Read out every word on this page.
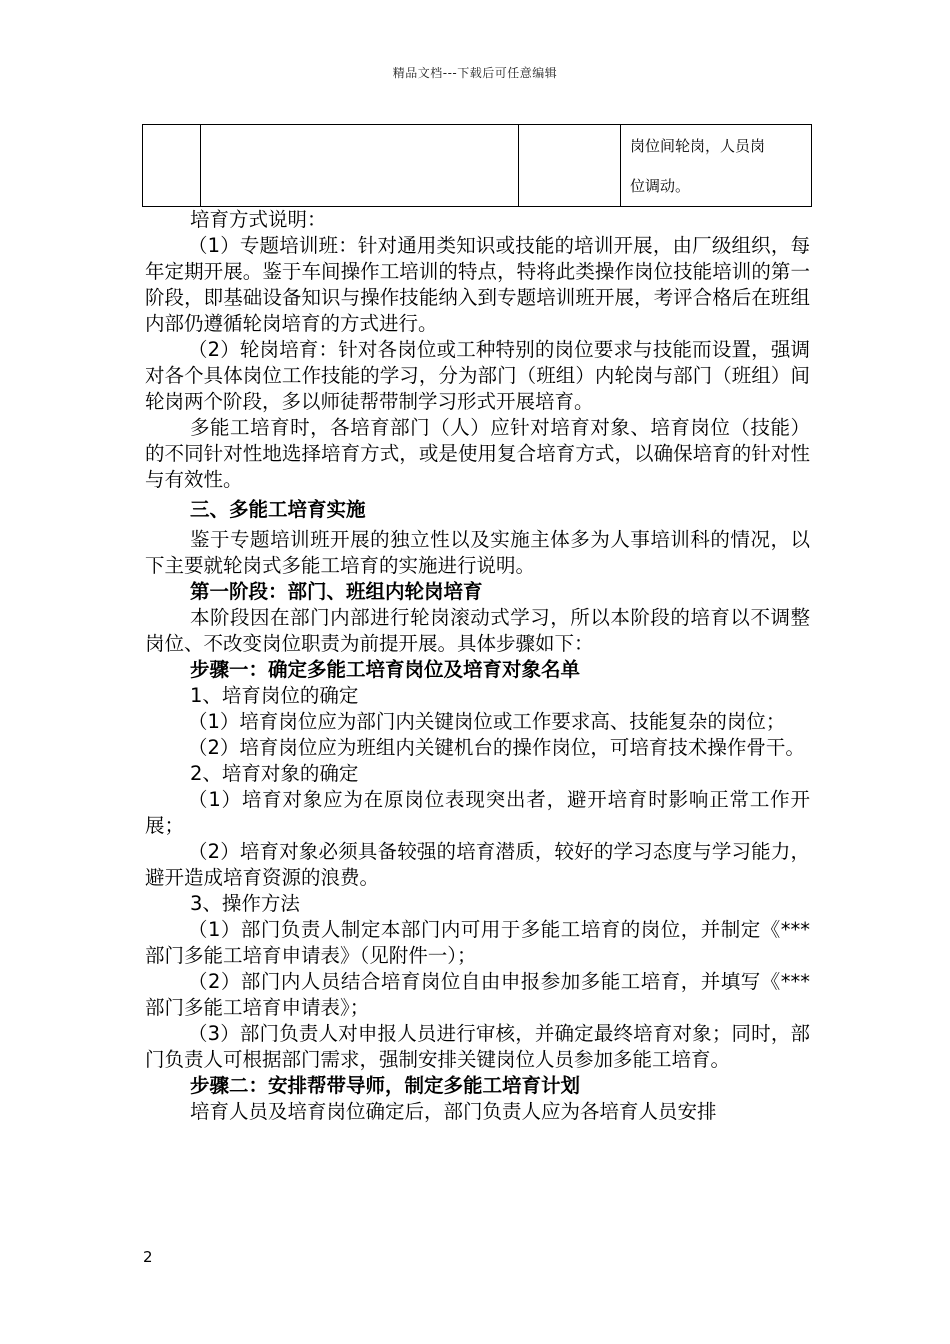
精品文档---下载后可任意编辑

岗位间轮岗，人员岗
位调动。

培育方式说明：

（1）专题培训班：针对通用类知识或技能的培训开展，由厂级组织，每年定期开展。鉴于车间操作工培训的特点，特将此类操作岗位技能培训的第一阶段，即基础设备知识与操作技能纳入到专题培训班开展，考评合格后在班组内部仍遵循轮岗培育的方式进行。

（2）轮岗培育：针对各岗位或工种特别的岗位要求与技能而设置，强调对各个具体岗位工作技能的学习，分为部门（班组）内轮岗与部门（班组）间轮岗两个阶段，多以师徒帮带制学习形式开展培育。

多能工培育时，各培育部门（人）应针对培育对象、培育岗位（技能）的不同针对性地选择培育方式，或是使用复合培育方式，以确保培育的针对性与有效性。

三、多能工培育实施

鉴于专题培训班开展的独立性以及实施主体多为人事培训科的情况，以下主要就轮岗式多能工培育的实施进行说明。

第一阶段：部门、班组内轮岗培育

本阶段因在部门内部进行轮岗滚动式学习，所以本阶段的培育以不调整岗位、不改变岗位职责为前提开展。具体步骤如下：

步骤一：确定多能工培育岗位及培育对象名单

1、培育岗位的确定

（1）培育岗位应为部门内关键岗位或工作要求高、技能复杂的岗位；

（2）培育岗位应为班组内关键机台的操作岗位，可培育技术操作骨干。

2、培育对象的确定

（1）培育对象应为在原岗位表现突出者，避开培育时影响正常工作开展；

（2）培育对象必须具备较强的培育潜质，较好的学习态度与学习能力，避开造成培育资源的浪费。

3、操作方法

（1）部门负责人制定本部门内可用于多能工培育的岗位，并制定《***部门多能工培育申请表》（见附件一）；

（2）部门内人员结合培育岗位自由申报参加多能工培育，并填写《***部门多能工培育申请表》；

（3）部门负责人对申报人员进行审核，并确定最终培育对象；同时，部门负责人可根据部门需求，强制安排关键岗位人员参加多能工培育。

步骤二：安排帮带导师，制定多能工培育计划

培育人员及培育岗位确定后，部门负责人应为各培育人员安排

2
